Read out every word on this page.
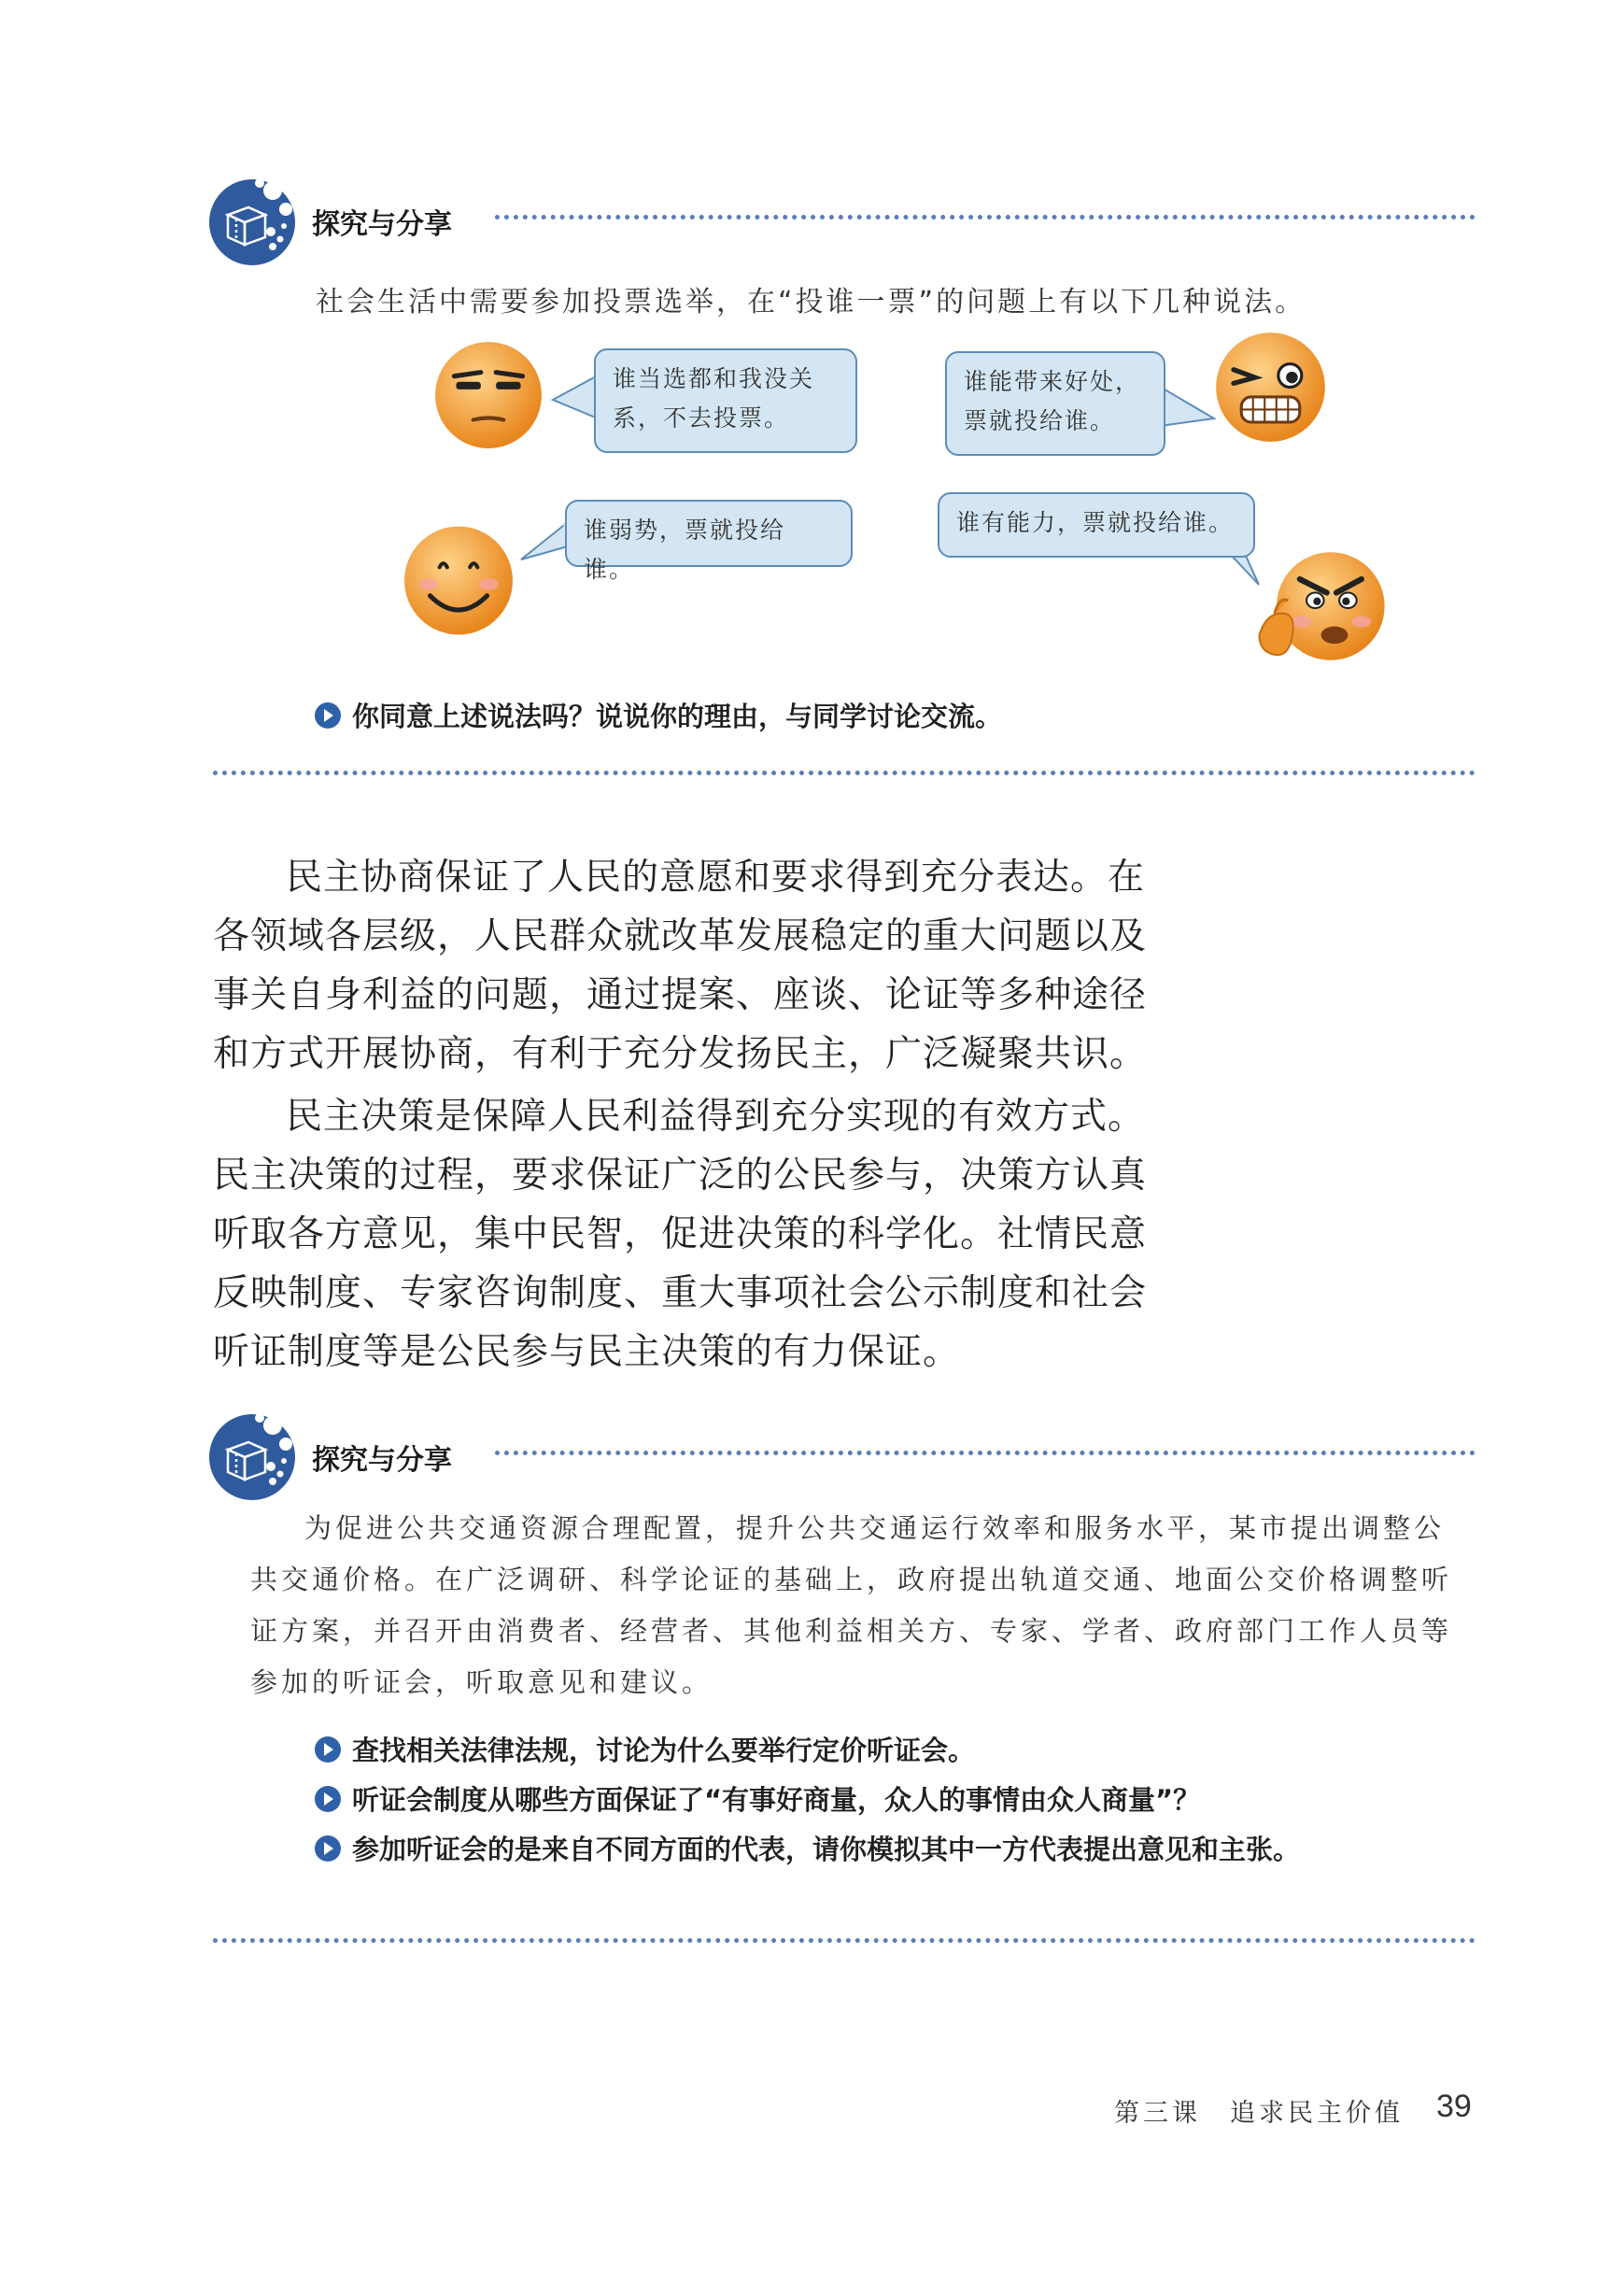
探究与分享
社会生活中需要参加投票选举，在“投谁一票”的问题上有以下几种说法。
谁当选都和我没关系，不去投票。
谁能带来好处，票就投给谁。
谁弱势，票就投给谁。
谁有能力，票就投给谁。
你同意上述说法吗？说说你的理由，与同学讨论交流。

民主协商保证了人民的意愿和要求得到充分表达。在各领域各层级，人民群众就改革发展稳定的重大问题以及事关自身利益的问题，通过提案、座谈、论证等多种途径和方式开展协商，有利于充分发扬民主，广泛凝聚共识。

民主决策是保障人民利益得到充分实现的有效方式。民主决策的过程，要求保证广泛的公民参与，决策方认真听取各方意见，集中民智，促进决策的科学化。社情民意反映制度、专家咨询制度、重大事项社会公示制度和社会听证制度等是公民参与民主决策的有力保证。

探究与分享

为促进公共交通资源合理配置，提升公共交通运行效率和服务水平，某市提出调整公共交通价格。在广泛调研、科学论证的基础上，政府提出轨道交通、地面公交价格调整听证方案，并召开由消费者、经营者、其他利益相关方、专家、学者、政府部门工作人员等参加的听证会，听取意见和建议。

查找相关法律法规，讨论为什么要举行定价听证会。
听证会制度从哪些方面保证了“有事好商量，众人的事情由众人商量”？
参加听证会的是来自不同方面的代表，请你模拟其中一方代表提出意见和主张。
第三课　追求民主价值 39
